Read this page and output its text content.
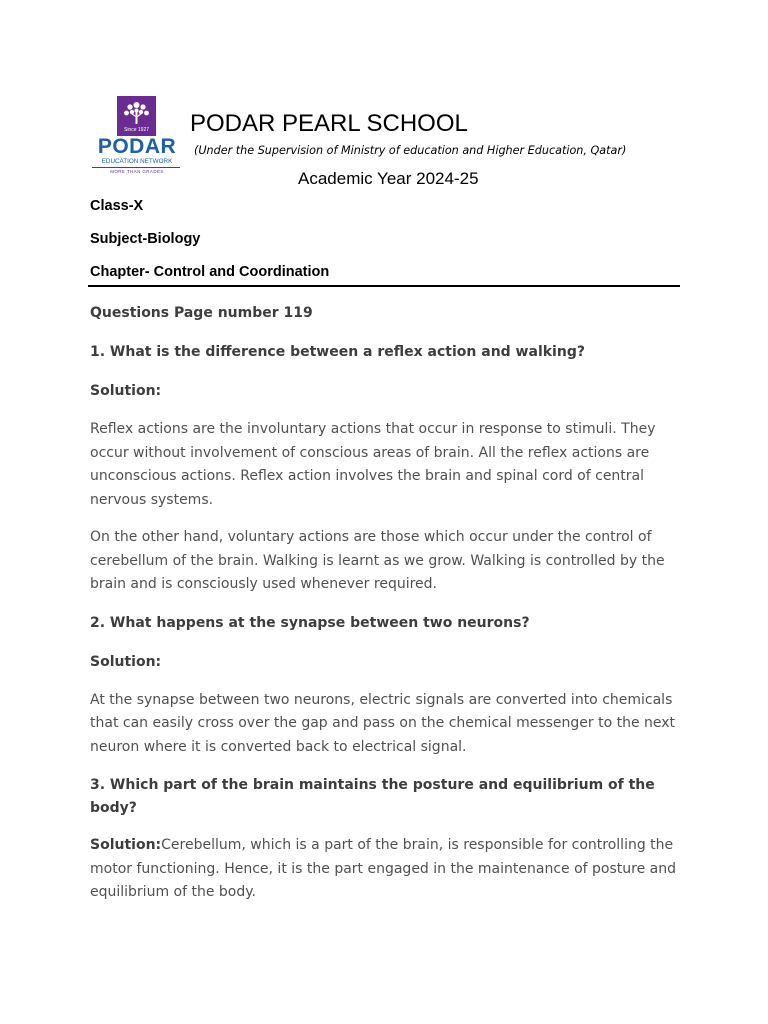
Since 1927
PODAR
EDUCATION NETWORK
MORE THAN GRADES
PODAR PEARL SCHOOL
(Under the Supervision of Ministry of education and Higher Education, Qatar)
Academic Year 2024-25
Class-X
Subject-Biology
Chapter- Control and Coordination

Questions Page number 119

1. What is the difference between a reflex action and walking?

Solution:

Reflex actions are the involuntary actions that occur in response to stimuli. They occur without involvement of conscious areas of brain. All the reflex actions are unconscious actions. Reflex action involves the brain and spinal cord of central nervous systems.

On the other hand, voluntary actions are those which occur under the control of cerebellum of the brain. Walking is learnt as we grow. Walking is controlled by the brain and is consciously used whenever required.

2. What happens at the synapse between two neurons?

Solution:

At the synapse between two neurons, electric signals are converted into chemicals that can easily cross over the gap and pass on the chemical messenger to the next neuron where it is converted back to electrical signal.

3. Which part of the brain maintains the posture and equilibrium of the body?

Solution:Cerebellum, which is a part of the brain, is responsible for controlling the motor functioning. Hence, it is the part engaged in the maintenance of posture and equilibrium of the body.
